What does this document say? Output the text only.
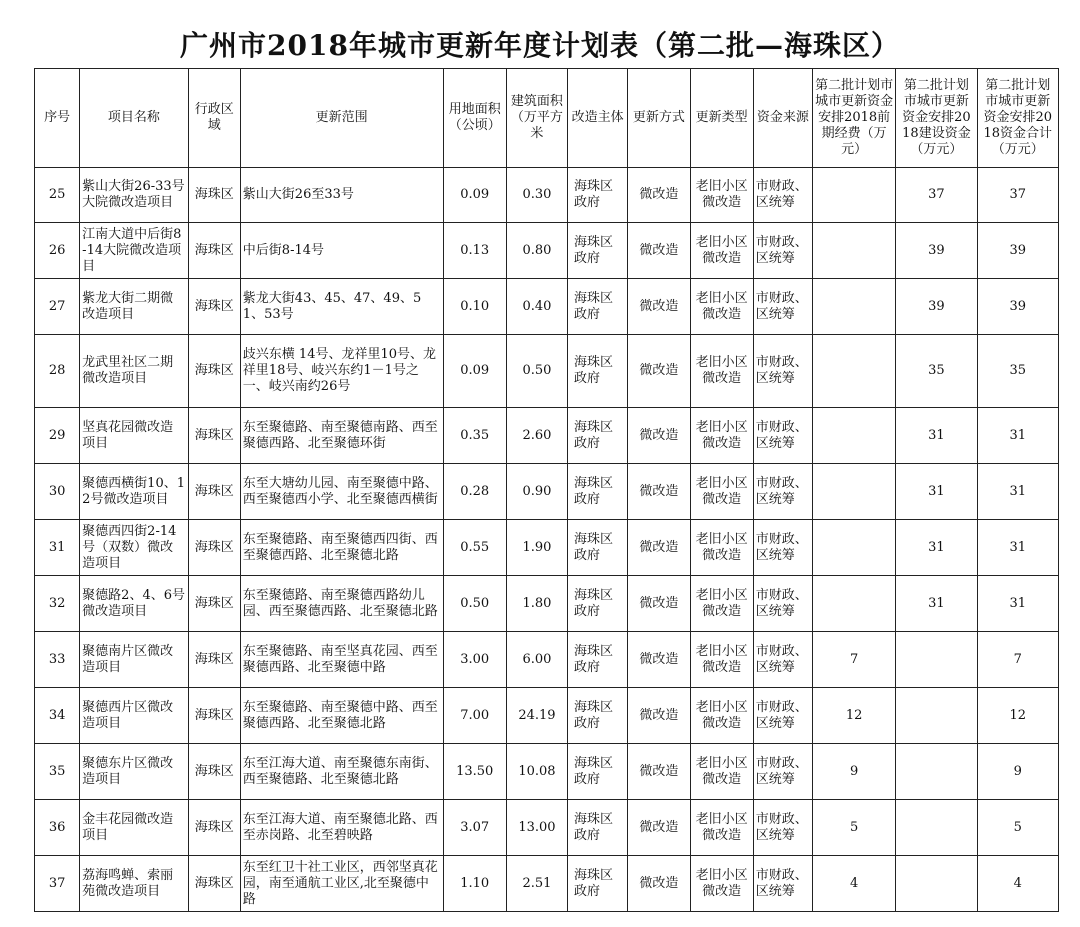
广州市2018年城市更新年度计划表（第二批—海珠区）
序号	项目名称	行政区域	更新范围	用地面积（公顷）	建筑面积（万平方米	改造主体	更新方式	更新类型	资金来源	第二批计划市城市更新资金安排2018前期经费（万元）	第二批计划市城市更新资金安排2018建设资金（万元）	第二批计划市城市更新资金安排2018资金合计（万元）
25	紫山大街26-33号大院微改造项目	海珠区	紫山大街26至33号	0.09	0.30	海珠区政府	微改造	老旧小区微改造	市财政、区统筹		37	37
26	江南大道中后街8-14大院微改造项目	海珠区	中后街8-14号	0.13	0.80	海珠区政府	微改造	老旧小区微改造	市财政、区统筹		39	39
27	紫龙大街二期微改造项目	海珠区	紫龙大街43、45、47、49、51、53号	0.10	0.40	海珠区政府	微改造	老旧小区微改造	市财政、区统筹		39	39
28	龙武里社区二期微改造项目	海珠区	歧兴东横 14号、龙祥里10号、龙祥里18号、岐兴东约1－1号之一、岐兴南约26号	0.09	0.50	海珠区政府	微改造	老旧小区微改造	市财政、区统筹		35	35
29	坚真花园微改造项目	海珠区	东至聚德路、南至聚德南路、西至聚德西路、北至聚德环街	0.35	2.60	海珠区政府	微改造	老旧小区微改造	市财政、区统筹		31	31
30	聚德西横街10、12号微改造项目	海珠区	东至大塘幼儿园、南至聚德中路、西至聚德西小学、北至聚德西横街	0.28	0.90	海珠区政府	微改造	老旧小区微改造	市财政、区统筹		31	31
31	聚德西四街2-14号（双数）微改造项目	海珠区	东至聚德路、南至聚德西四街、西至聚德西路、北至聚德北路	0.55	1.90	海珠区政府	微改造	老旧小区微改造	市财政、区统筹		31	31
32	聚德路2、4、6号微改造项目	海珠区	东至聚德路、南至聚德西路幼儿园、西至聚德西路、北至聚德北路	0.50	1.80	海珠区政府	微改造	老旧小区微改造	市财政、区统筹		31	31
33	聚德南片区微改造项目	海珠区	东至聚德路、南至坚真花园、西至聚德西路、北至聚德中路	3.00	6.00	海珠区政府	微改造	老旧小区微改造	市财政、区统筹	7		7
34	聚德西片区微改造项目	海珠区	东至聚德路、南至聚德中路、西至聚德西路、北至聚德北路	7.00	24.19	海珠区政府	微改造	老旧小区微改造	市财政、区统筹	12		12
35	聚德东片区微改造项目	海珠区	东至江海大道、南至聚德东南街、西至聚德路、北至聚德北路	13.50	10.08	海珠区政府	微改造	老旧小区微改造	市财政、区统筹	9		9
36	金丰花园微改造项目	海珠区	东至江海大道、南至聚德北路、西至赤岗路、北至碧映路	3.07	13.00	海珠区政府	微改造	老旧小区微改造	市财政、区统筹	5		5
37	荔海鸣蝉、索丽苑微改造项目	海珠区	东至红卫十社工业区，西邻坚真花园，南至通航工业区,北至聚德中路	1.10	2.51	海珠区政府	微改造	老旧小区微改造	市财政、区统筹	4		4
